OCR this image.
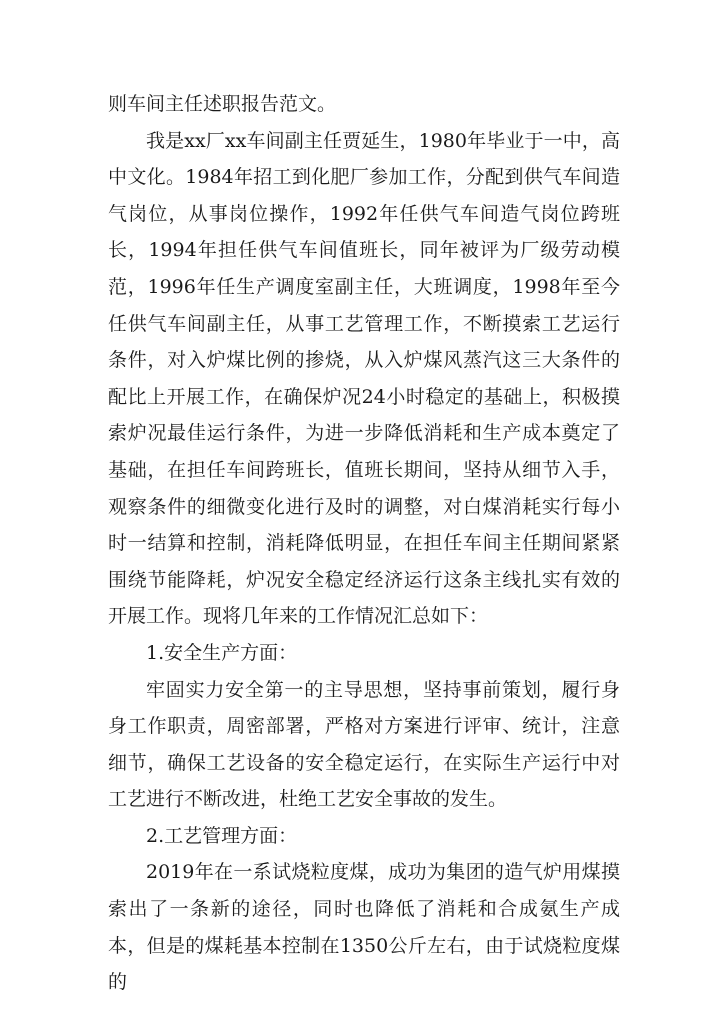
则车间主任述职报告范文。

我是xx厂xx车间副主任贾延生，1980年毕业于一中，高中文化。1984年招工到化肥厂参加工作，分配到供气车间造气岗位，从事岗位操作，1992年任供气车间造气岗位跨班长，1994年担任供气车间值班长，同年被评为厂级劳动模范，1996年任生产调度室副主任，大班调度，1998年至今任供气车间副主任，从事工艺管理工作，不断摸索工艺运行条件，对入炉煤比例的掺烧，从入炉煤风蒸汽这三大条件的配比上开展工作，在确保炉况24小时稳定的基础上，积极摸索炉况最佳运行条件，为进一步降低消耗和生产成本奠定了基础，在担任车间跨班长，值班长期间，坚持从细节入手，观察条件的细微变化进行及时的调整，对白煤消耗实行每小时一结算和控制，消耗降低明显，在担任车间主任期间紧紧围绕节能降耗，炉况安全稳定经济运行这条主线扎实有效的开展工作。现将几年来的工作情况汇总如下：

1.安全生产方面：

牢固实力安全第一的主导思想，坚持事前策划，履行身身工作职责，周密部署，严格对方案进行评审、统计，注意细节，确保工艺设备的安全稳定运行，在实际生产运行中对工艺进行不断改进，杜绝工艺安全事故的发生。

2.工艺管理方面：

2019年在一系试烧粒度煤，成功为集团的造气炉用煤摸索出了一条新的途径，同时也降低了消耗和合成氨生产成本，但是的煤耗基本控制在1350公斤左右，由于试烧粒度煤的
